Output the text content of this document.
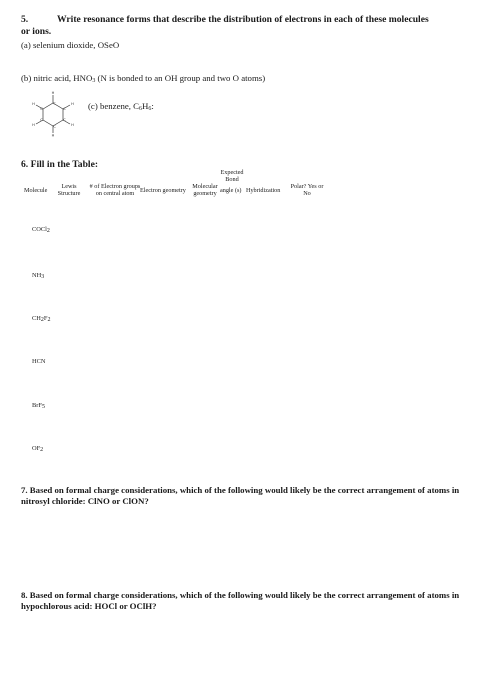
5.	Write resonance forms that describe the distribution of electrons in each of these molecules
or ions.
(a) selenium dioxide, OSeO
(b) nitric acid, $HNO_3$ (N is bonded to an OH group and two O atoms)
C
C
C
C
C
C
H
H
H
H
H
H	(c) benzene, $C_6H_6$:
6. Fill in the Table:
Molecule
Lewis
Structure
# of Electron groups
on central atom Electron geometry
Molecular
geometry
Expected
Bond
angle (s) Hybridization
Polar? Yes or
No
COCl$_2$
$NH_3$
$CH_2F_2$
HCN
BrF$_5$
$OF_2$
7. Based on formal charge considerations, which of the following would likely be the correct arrangement of atoms in nitrosyl chloride: ClNO or ClON?
8. Based on formal charge considerations, which of the following would likely be the correct arrangement of atoms in hypochlorous acid: HOCl or OClH?
